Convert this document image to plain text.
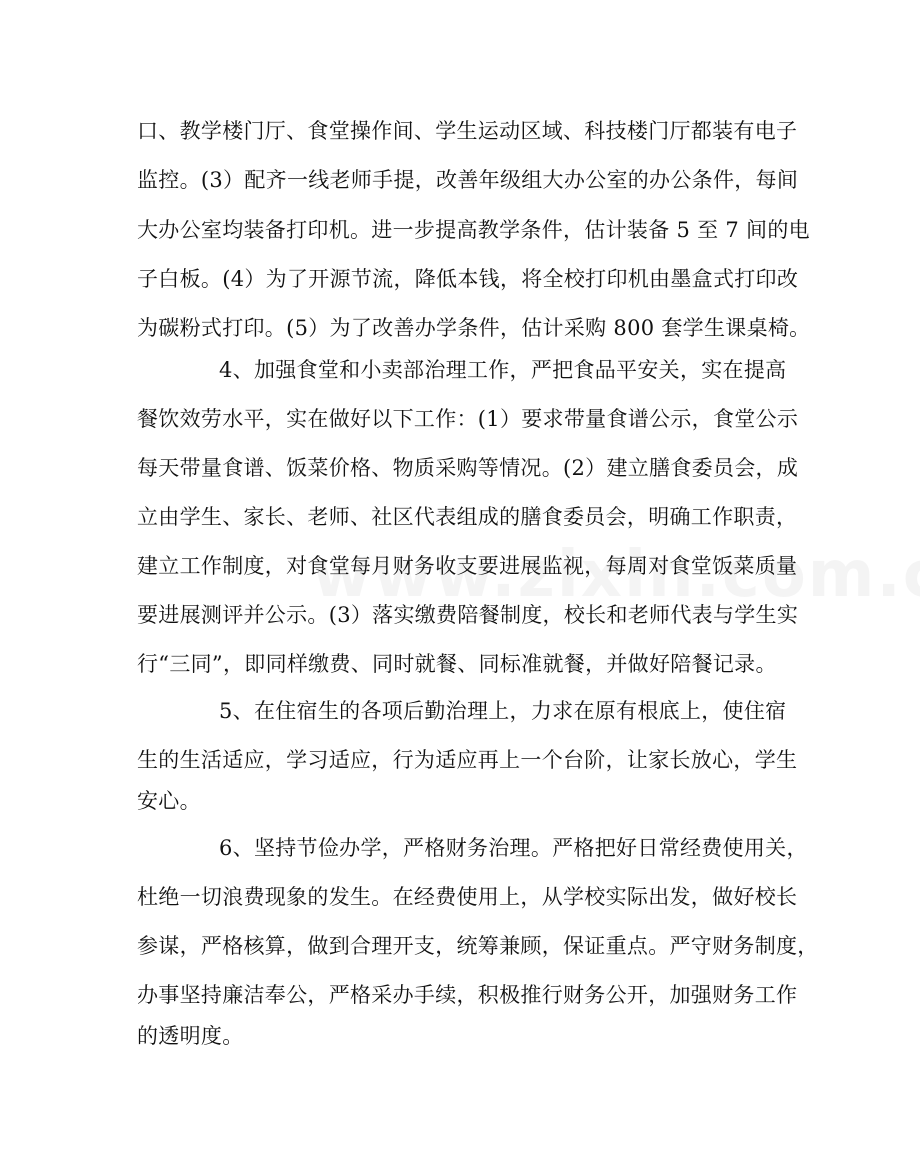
口、教学楼门厅、食堂操作间、学生运动区域、科技楼门厅都装有电子
监控。(3）配齐一线老师手提，改善年级组大办公室的办公条件，每间
大办公室均装备打印机。进一步提高教学条件，估计装备 5 至 7 间的电
子白板。(4）为了开源节流，降低本钱，将全校打印机由墨盒式打印改
为碳粉式打印。(5）为了改善办学条件，估计采购 800 套学生课桌椅。
4、加强食堂和小卖部治理工作，严把食品平安关，实在提高
餐饮效劳水平，实在做好以下工作：(1）要求带量食谱公示，食堂公示
每天带量食谱、饭菜价格、物质采购等情况。(2）建立膳食委员会，成
立由学生、家长、老师、社区代表组成的膳食委员会，明确工作职责，
建立工作制度，对食堂每月财务收支要进展监视，每周对食堂饭菜质量
要进展测评并公示。(3）落实缴费陪餐制度，校长和老师代表与学生实
行“三同”，即同样缴费、同时就餐、同标准就餐，并做好陪餐记录。
5、在住宿生的各项后勤治理上，力求在原有根底上，使住宿
生的生活适应，学习适应，行为适应再上一个台阶，让家长放心，学生
安心。
6、坚持节俭办学，严格财务治理。严格把好日常经费使用关，
杜绝一切浪费现象的发生。在经费使用上，从学校实际出发，做好校长
参谋，严格核算，做到合理开支，统筹兼顾，保证重点。严守财务制度，
办事坚持廉洁奉公，严格采办手续，积极推行财务公开，加强财务工作
的透明度。
